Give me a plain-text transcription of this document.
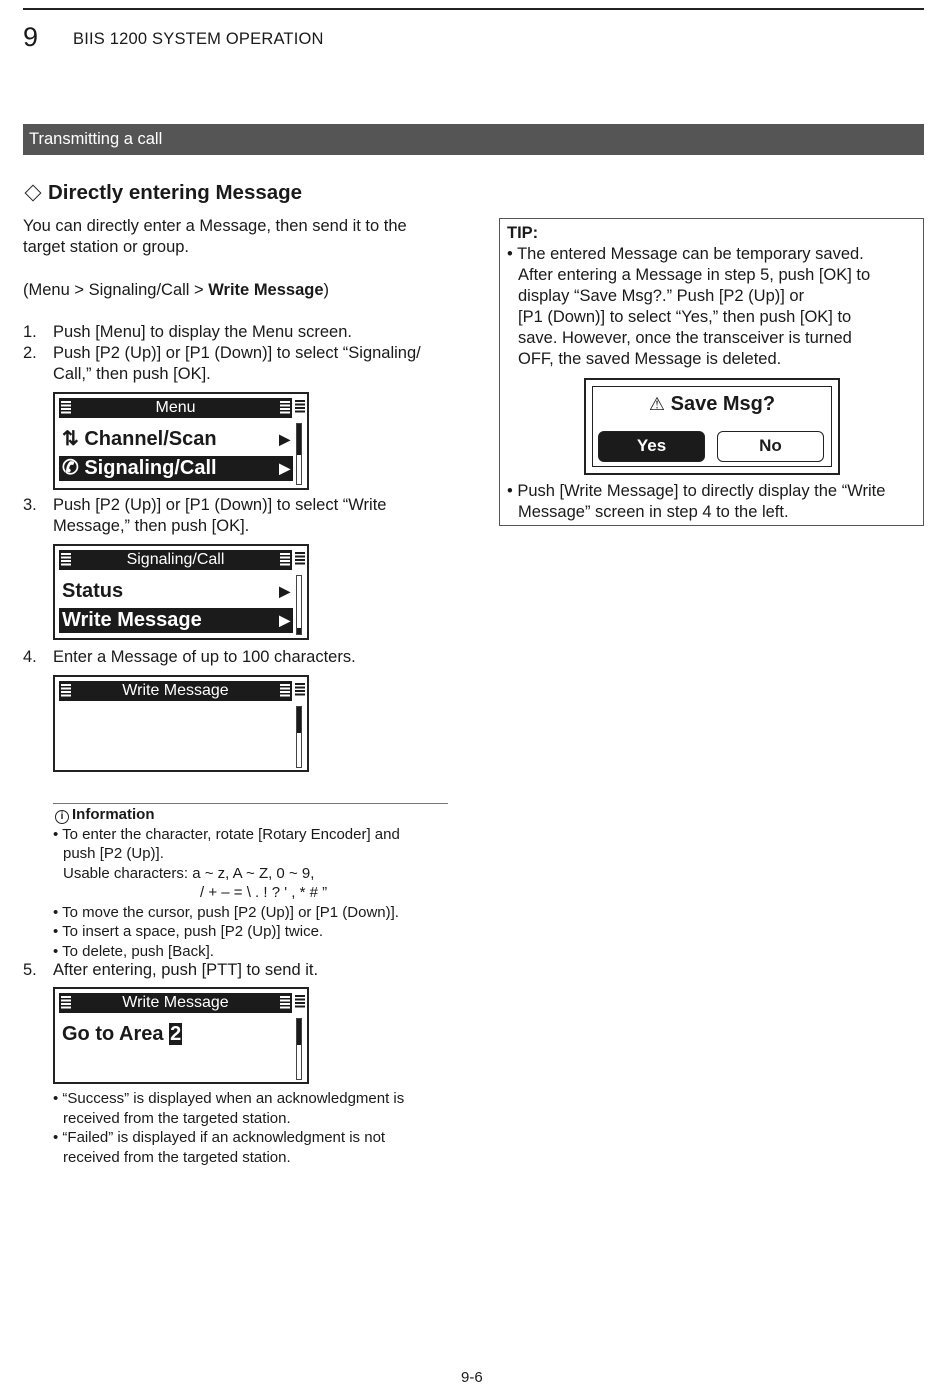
9 BIIS 1200 SYSTEM OPERATION
Transmitting a call
Directly entering Message
You can directly enter a Message, then send it to the
target station or group.
(Menu > Signaling/Call > Write Message)
1. Push [Menu] to display the Menu screen.
2. Push [P2 (Up)] or [P1 (Down)] to select “Signaling/
Call,” then push [OK].
Menu
⇅ Channel/Scan	▶
✆ Signaling/Call	▶
3. Push [P2 (Up)] or [P1 (Down)] to select “Write
Message,” then push [OK].
Signaling/Call
Status	▶
Write Message	▶
4. Enter a Message of up to 100 characters.
Write Message
i Information
• To enter the character, rotate [Rotary Encoder] and
push [P2 (Up)].
Usable characters: a ~ z, A ~ Z, 0 ~ 9,
/ + – = \ . ! ? ' , * # ”
• To move the cursor, push [P2 (Up)] or [P1 (Down)].
• To insert a space, push [P2 (Up)] twice.
• To delete, push [Back].
5. After entering, push [PTT] to send it.
Write Message
Go to Area 2
• “Success” is displayed when an acknowledgment is
received from the targeted station.
• “Failed” is displayed if an acknowledgment is not
received from the targeted station.
TIP:
• The entered Message can be temporary saved.
After entering a Message in step 5, push [OK] to
display “Save Msg?.” Push [P2 (Up)] or
[P1 (Down)] to select “Yes,” then push [OK] to
save. However, once the transceiver is turned
OFF, the saved Message is deleted.
⚠ Save Msg?
Yes	No
• Push [Write Message] to directly display the “Write
Message” screen in step 4 to the left.
9-6
